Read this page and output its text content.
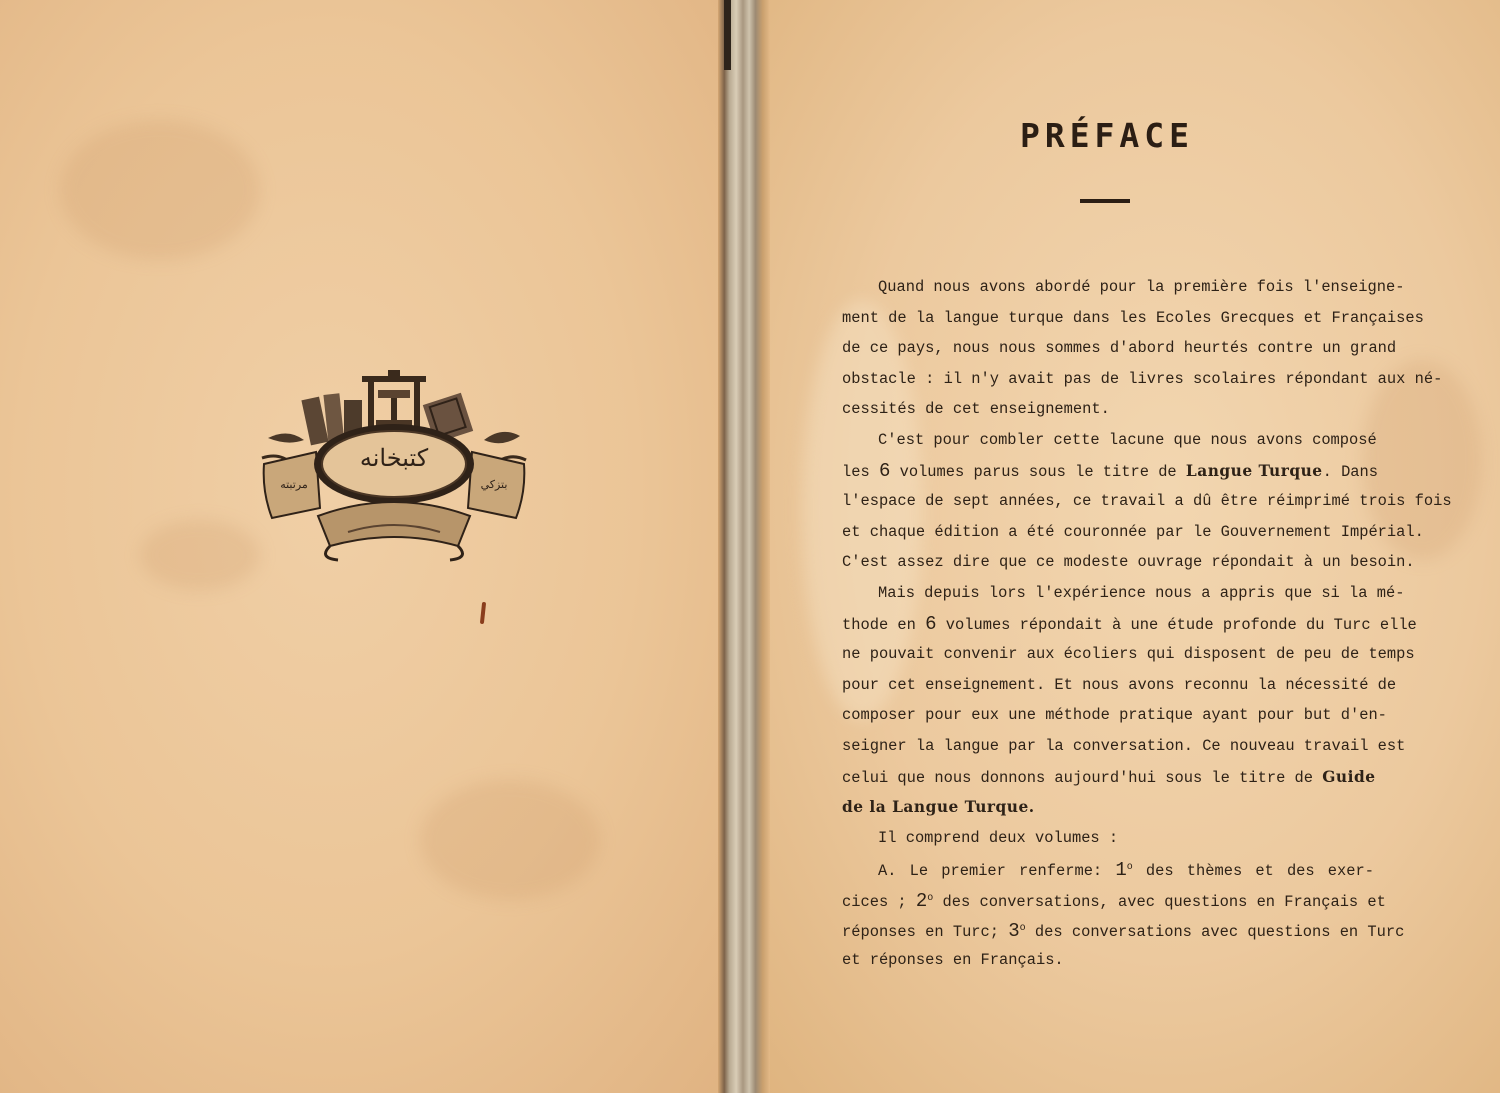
كتبخانه
مرتبته	بتزكي
PRÉFACE
Quand nous avons abordé pour la première fois l'enseigne-
ment de la langue turque dans les Ecoles Grecques et Françaises
de ce pays, nous nous sommes d'abord heurtés contre un grand
obstacle : il n'y avait pas de livres scolaires répondant aux né-
cessités de cet enseignement.
C'est pour combler cette lacune que nous avons composé
les 6 volumes parus sous le titre de Langue Turque. Dans
l'espace de sept années, ce travail a dû être réimprimé trois fois
et chaque édition a été couronnée par le Gouvernement Impérial.
C'est assez dire que ce modeste ouvrage répondait à un besoin.
Mais depuis lors l'expérience nous a appris que si la mé-
thode en 6 volumes répondait à une étude profonde du Turc elle
ne pouvait convenir aux écoliers qui disposent de peu de temps
pour cet enseignement. Et nous avons reconnu la nécessité de
composer pour eux une méthode pratique ayant pour but d'en-
seigner la langue par la conversation. Ce nouveau travail est
celui que nous donnons aujourd'hui sous le titre de Guide
de la Langue Turque.
Il comprend deux volumes :
A. Le premier renferme: 1$^o$ des thèmes et des exer-
cices ; 2$^o$ des conversations, avec questions en Français et
réponses en Turc; 3$^o$ des conversations avec questions en Turc
et réponses en Français.
